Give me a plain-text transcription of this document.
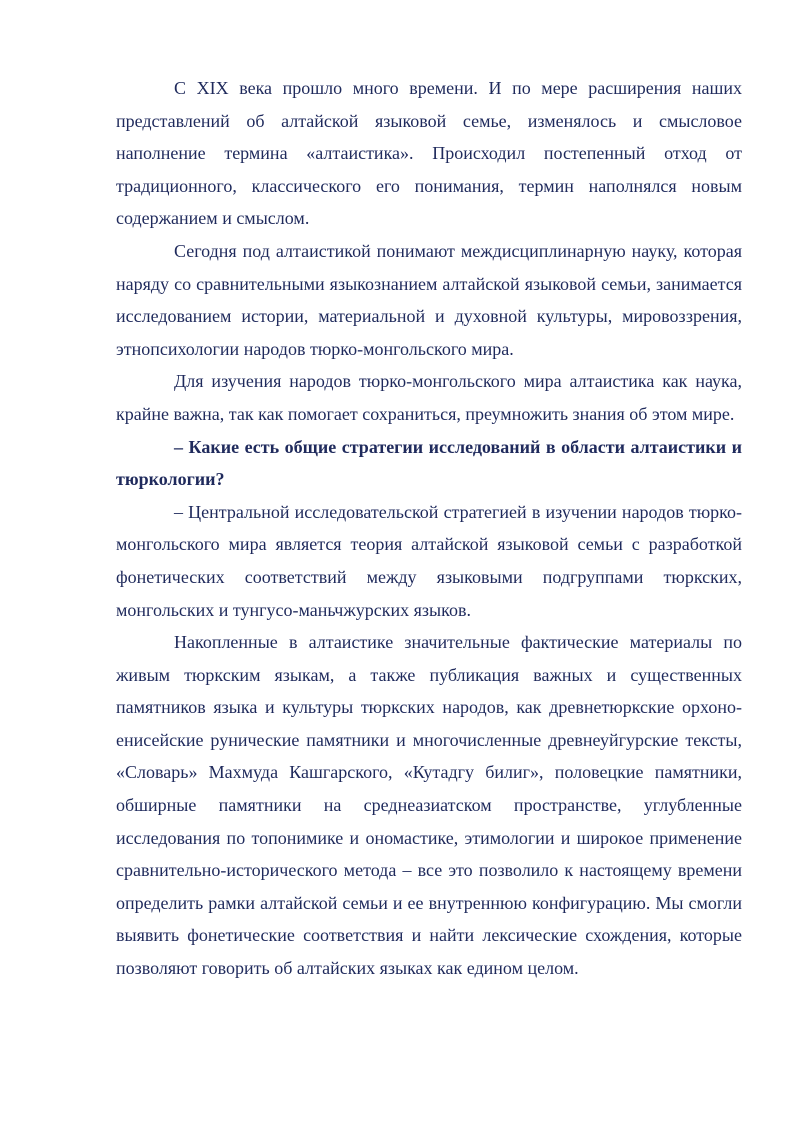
С XIX века прошло много времени. И по мере расширения наших представлений об алтайской языковой семье, изменялось и смысловое наполнение термина «алтаистика». Происходил постепенный отход от традиционного, классического его понимания, термин наполнялся новым содержанием и смыслом.

Сегодня под алтаистикой понимают междисциплинарную науку, которая наряду со сравнительными языкознанием алтайской языковой семьи, занимается исследованием истории, материальной и духовной культуры, мировоззрения, этнопсихологии народов тюрко-монгольского мира.

Для изучения народов тюрко-монгольского мира алтаистика как наука, крайне важна, так как помогает сохраниться, преумножить знания об этом мире.

– Какие есть общие стратегии исследований в области алтаистики и тюркологии?

– Центральной исследовательской стратегией в изучении народов тюрко-монгольского мира является теория алтайской языковой семьи с разработкой фонетических соответствий между языковыми подгруппами тюркских, монгольских и тунгусо-маньчжурских языков.

Накопленные в алтаистике значительные фактические материалы по живым тюркским языкам, а также публикация важных и существенных памятников языка и культуры тюркских народов, как древнетюркские орхоно-енисейские рунические памятники и многочисленные древнеуйгурские тексты, «Словарь» Махмуда Кашгарского, «Кутадгу билиг», половецкие памятники, обширные памятники на среднеазиатском пространстве, углубленные исследования по топонимике и ономастике, этимологии и широкое применение сравнительно-исторического метода – все это позволило к настоящему времени определить рамки алтайской семьи и ее внутреннюю конфигурацию. Мы смогли выявить фонетические соответствия и найти лексические схождения, которые позволяют говорить об алтайских языках как едином целом.
